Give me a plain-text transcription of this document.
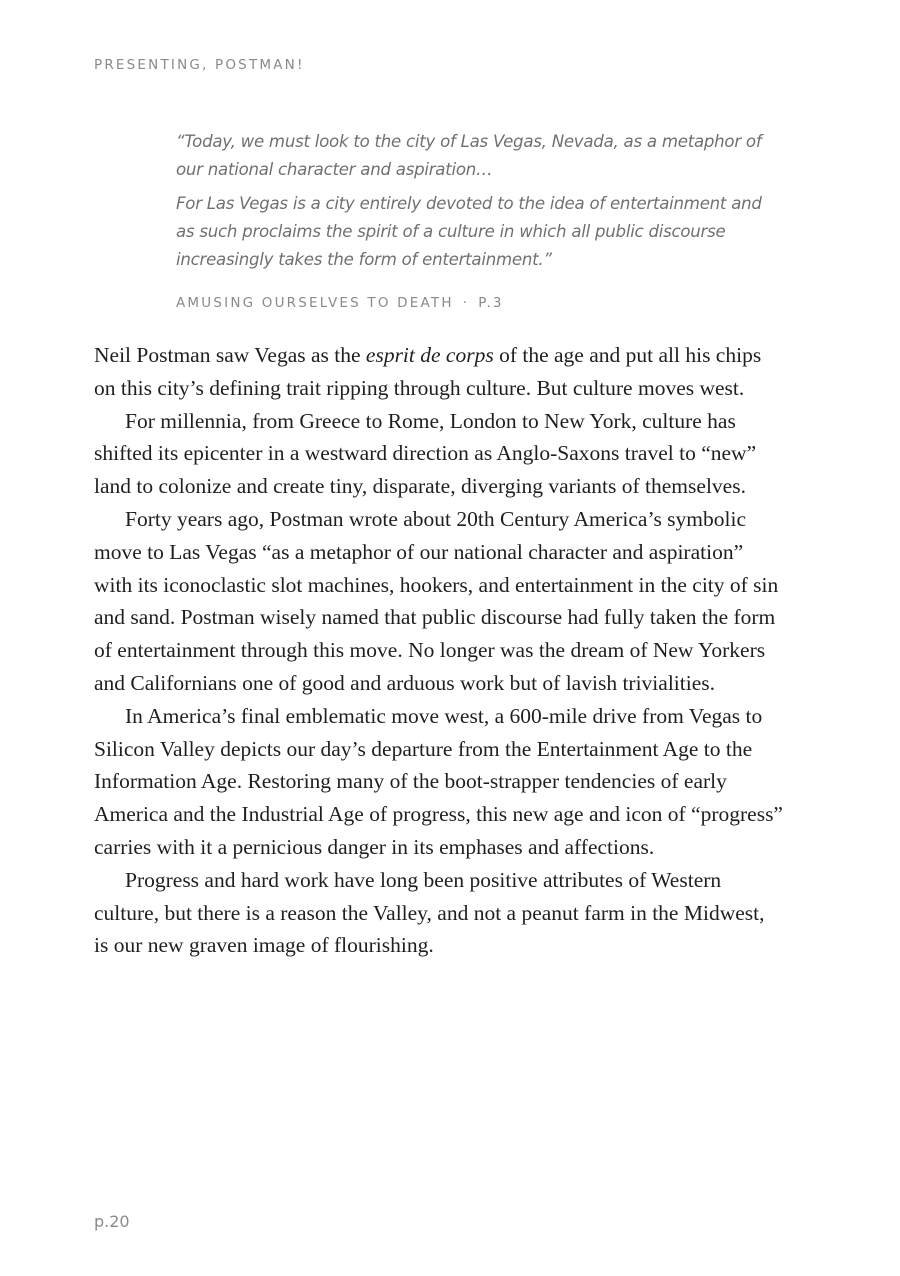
PRESENTING, POSTMAN!

“Today, we must look to the city of Las Vegas, Nevada, as a metaphor of our national character and aspiration…

For Las Vegas is a city entirely devoted to the idea of entertainment and as such proclaims the spirit of a culture in which all public discourse increasingly takes the form of entertainment.”

AMUSING OURSELVES TO DEATH · P.3

Neil Postman saw Vegas as the esprit de corps of the age and put all his chips on this city’s defining trait ripping through culture. But culture moves west.

For millennia, from Greece to Rome, London to New York, culture has shifted its epicenter in a westward direction as Anglo-Saxons travel to “new” land to colonize and create tiny, disparate, diverging variants of themselves.

Forty years ago, Postman wrote about 20th Century America’s symbolic move to Las Vegas “as a metaphor of our national character and aspiration” with its iconoclastic slot machines, hookers, and entertainment in the city of sin and sand. Postman wisely named that public discourse had fully taken the form of entertainment through this move. No longer was the dream of New Yorkers and Californians one of good and arduous work but of lavish trivialities.

In America’s final emblematic move west, a 600-mile drive from Vegas to Silicon Valley depicts our day’s departure from the Entertainment Age to the Information Age. Restoring many of the boot-strapper tendencies of early America and the Industrial Age of progress, this new age and icon of “progress” carries with it a pernicious danger in its emphases and affections.

Progress and hard work have long been positive attributes of Western culture, but there is a reason the Valley, and not a peanut farm in the Midwest, is our new graven image of flourishing.

p.20
